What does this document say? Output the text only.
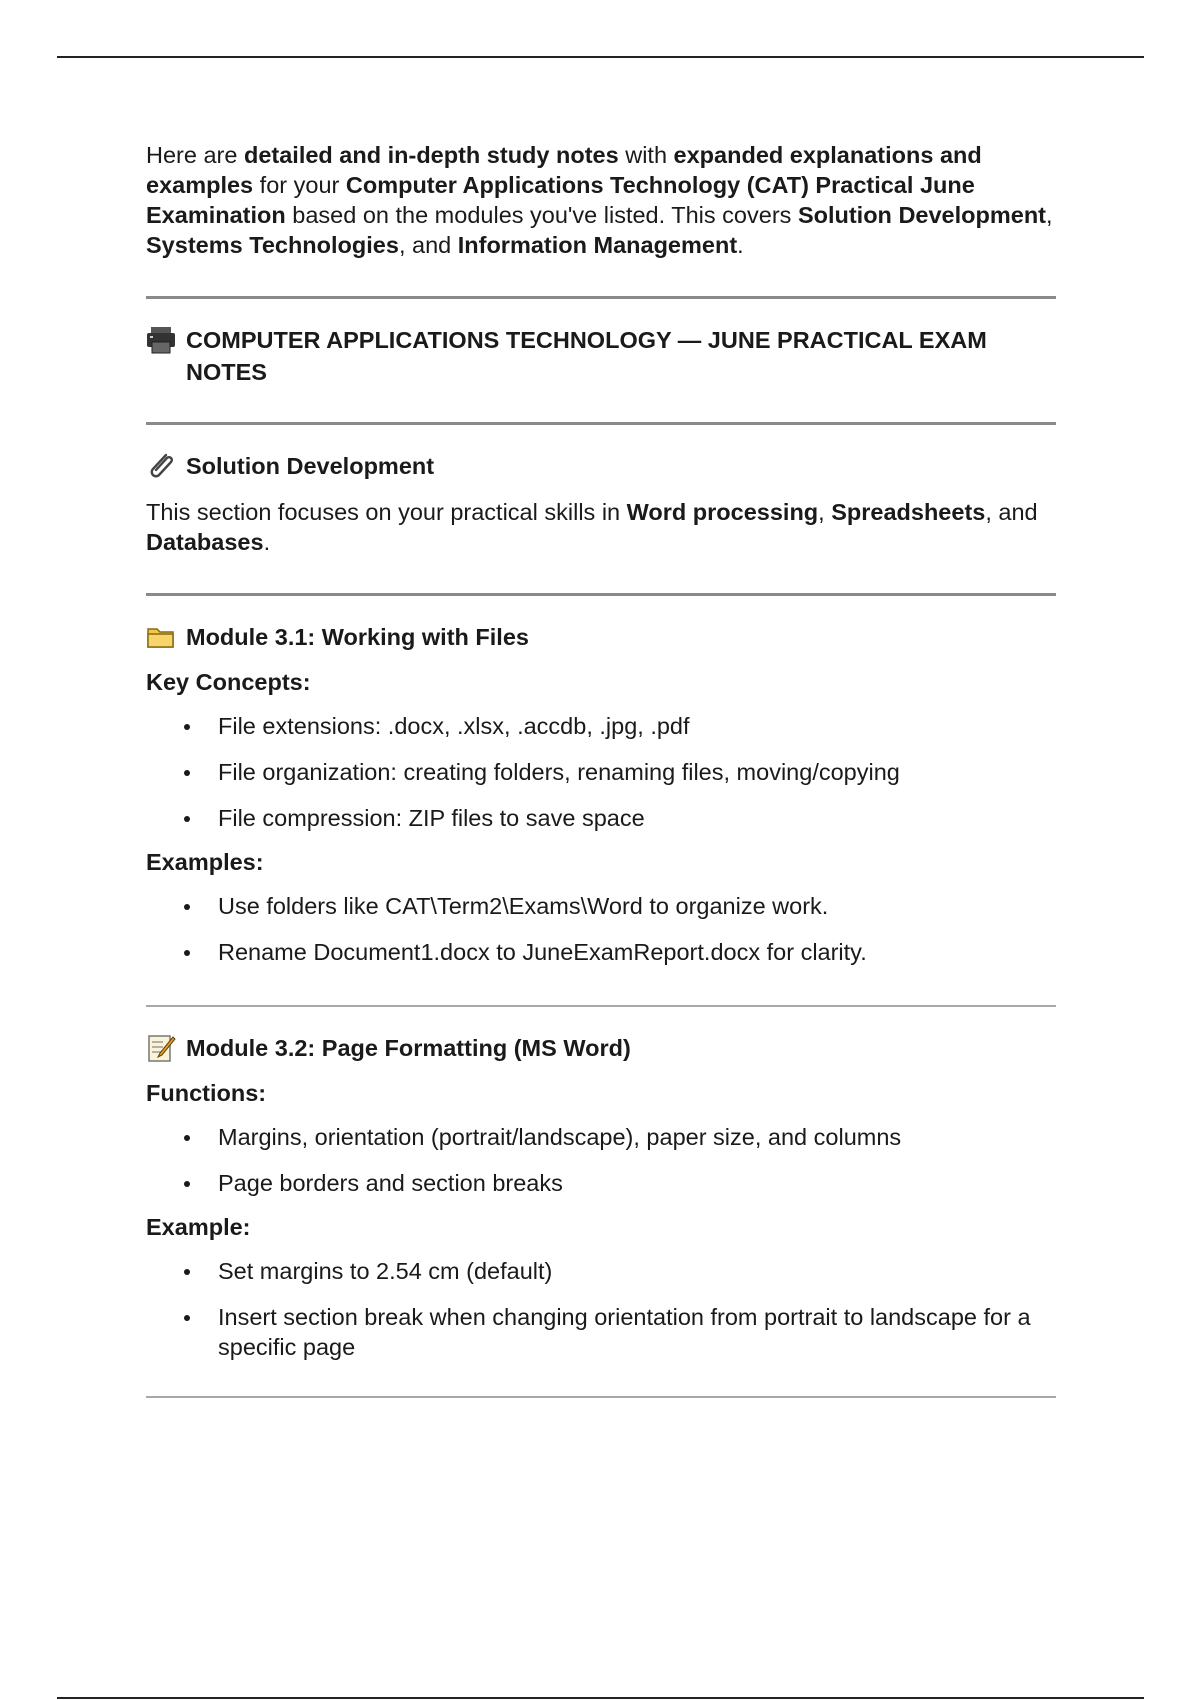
Here are detailed and in-depth study notes with expanded explanations and examples for your Computer Applications Technology (CAT) Practical June Examination based on the modules you've listed. This covers Solution Development, Systems Technologies, and Information Management.

COMPUTER APPLICATIONS TECHNOLOGY — JUNE PRACTICAL EXAM NOTES
Solution Development

This section focuses on your practical skills in Word processing, Spreadsheets, and Databases.

Module 3.1: Working with Files

Key Concepts:

File extensions: .docx, .xlsx, .accdb, .jpg, .pdf
File organization: creating folders, renaming files, moving/copying
File compression: ZIP files to save space

Examples:

Use folders like CAT\Term2\Exams\Word to organize work.
Rename Document1.docx to JuneExamReport.docx for clarity.
Module 3.2: Page Formatting (MS Word)

Functions:

Margins, orientation (portrait/landscape), paper size, and columns
Page borders and section breaks

Example:

Set margins to 2.54 cm (default)
Insert section break when changing orientation from portrait to landscape for a specific page
